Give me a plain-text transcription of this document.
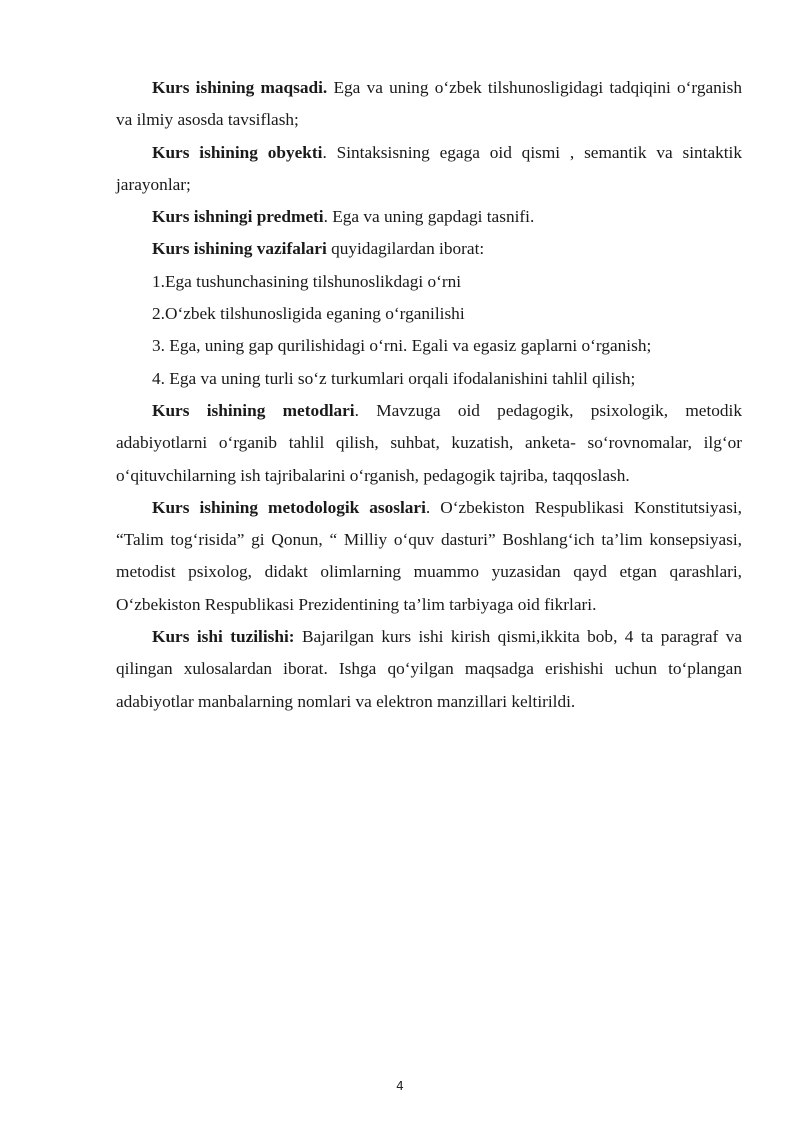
Kurs ishining maqsadi. Ega va uning o‘zbek tilshunosligidagi tadqiqini o‘rganish va ilmiy asosda tavsiflash;

Kurs ishining obyekti. Sintaksisning egaga oid qismi , semantik va sintaktik jarayonlar;

Kurs ishningi predmeti. Ega va uning gapdagi tasnifi.

Kurs ishining vazifalari quyidagilardan iborat:

1.Ega tushunchasining tilshunoslikdagi o‘rni

2.O‘zbek tilshunosligida eganing o‘rganilishi

3. Ega, uning gap qurilishidagi o‘rni. Egali va egasiz gaplarni o‘rganish;

4. Ega va uning turli so‘z turkumlari orqali ifodalanishini tahlil qilish;

Kurs ishining metodlari. Mavzuga oid pedagogik, psixologik, metodik adabiyotlarni o‘rganib tahlil qilish, suhbat, kuzatish, anketa- so‘rovnomalar, ilg‘or o‘qituvchilarning ish tajribalarini o‘rganish, pedagogik tajriba, taqqoslash.

Kurs ishining metodologik asoslari. O‘zbekiston Respublikasi Konstitutsiyasi, “Talim tog‘risida” gi Qonun, “ Milliy o‘quv dasturi” Boshlang‘ich ta’lim konsepsiyasi, metodist psixolog, didakt olimlarning muammo yuzasidan qayd etgan qarashlari, O‘zbekiston Respublikasi Prezidentining ta’lim tarbiyaga oid fikrlari.

Kurs ishi tuzilishi: Bajarilgan kurs ishi kirish qismi,ikkita bob, 4 ta paragraf va qilingan xulosalardan iborat. Ishga qo‘yilgan maqsadga erishishi uchun to‘plangan adabiyotlar manbalarning nomlari va elektron manzillari keltirildi.

4
